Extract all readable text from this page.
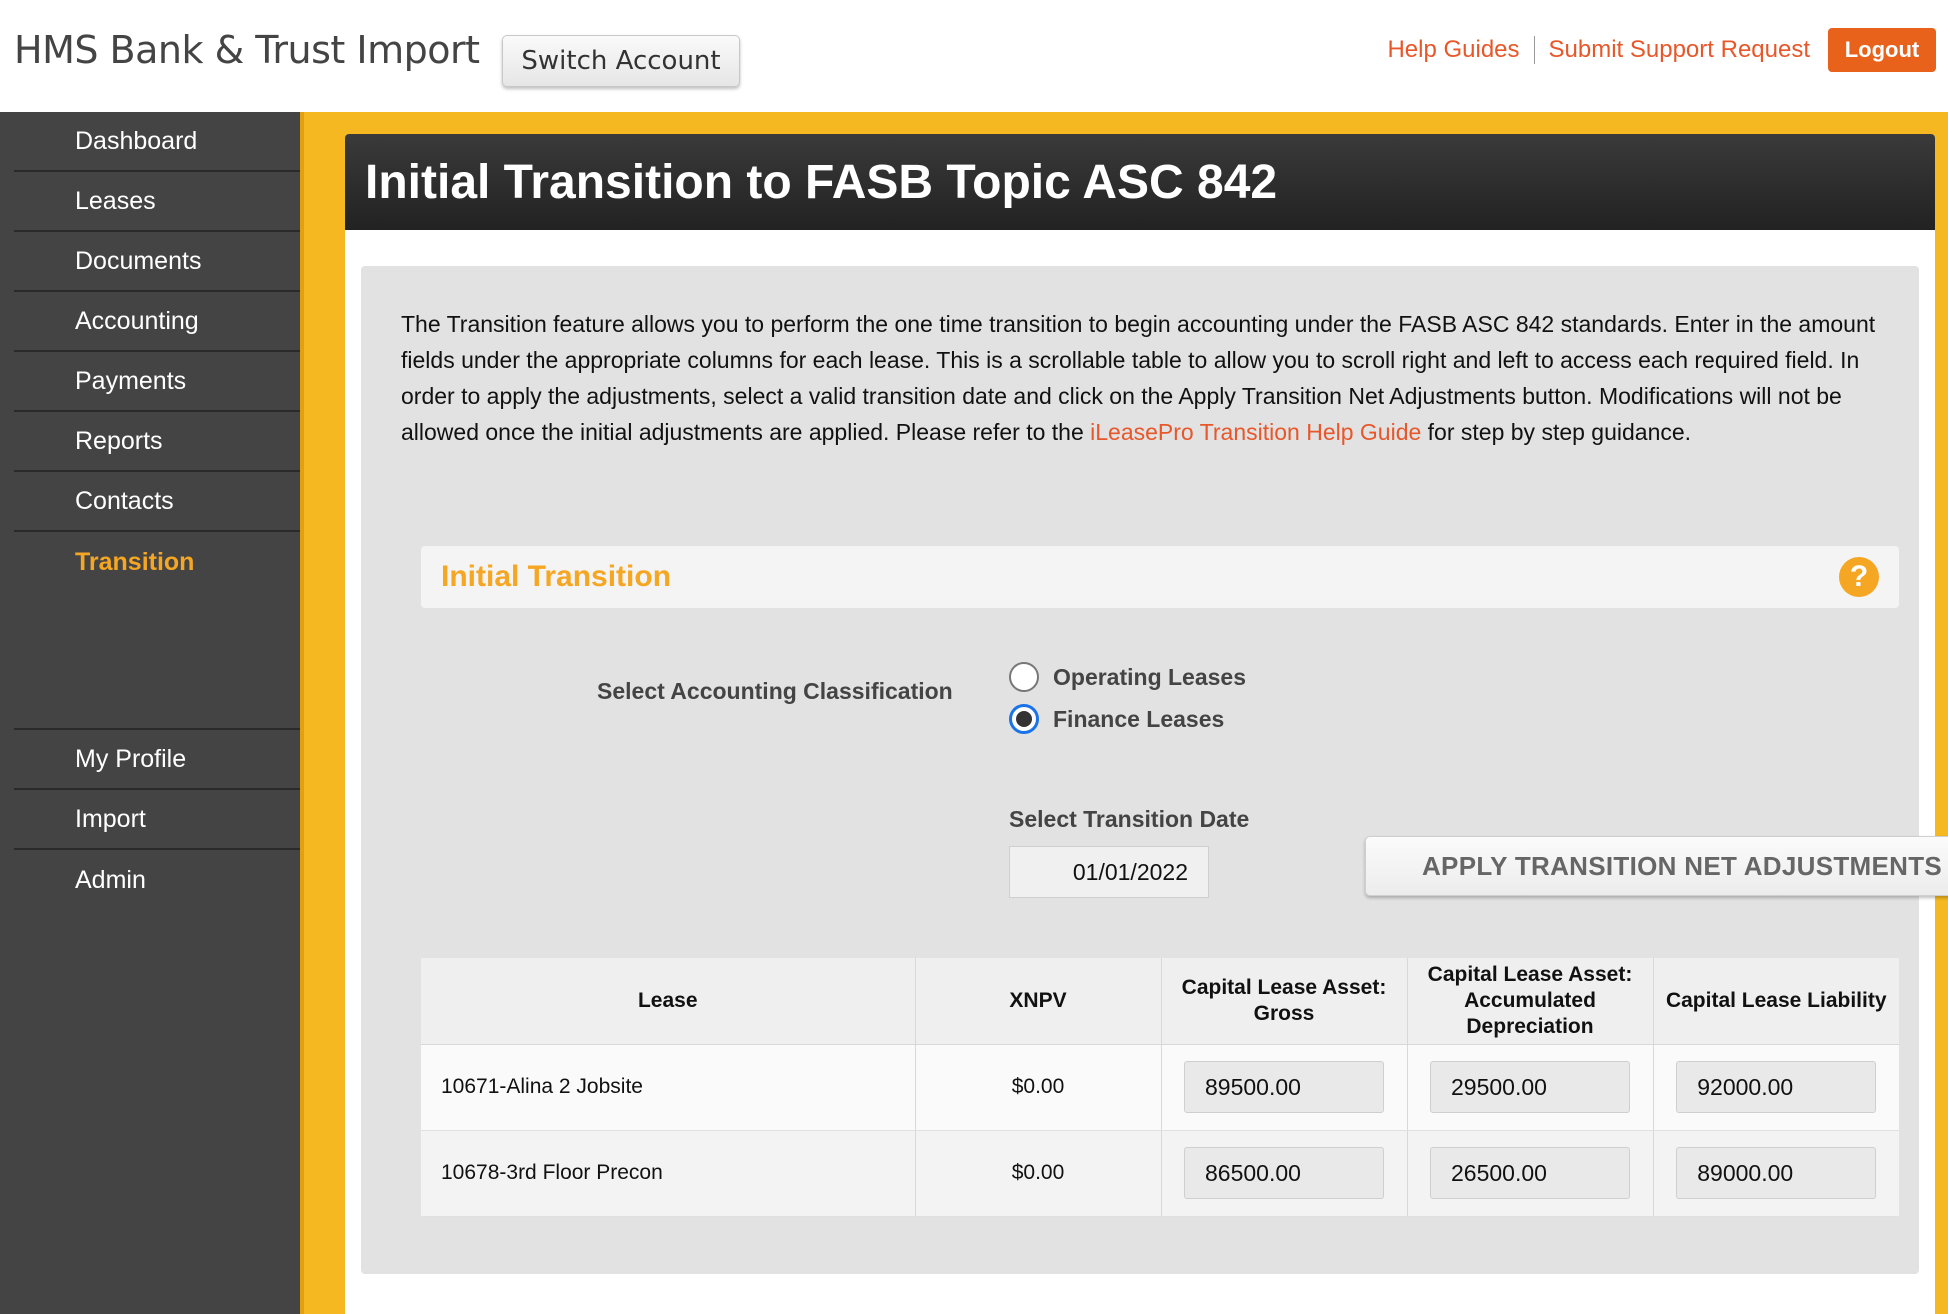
HMS Bank & Trust Import	Switch Account	Help Guides Submit Support Request	Logout
Dashboard
Leases
Documents
Accounting
Payments
Reports
Contacts
Transition
My Profile
Import
Admin
Initial Transition to FASB Topic ASC 842

The Transition feature allows you to perform the one time transition to begin accounting under the FASB ASC 842 standards. Enter in the amount fields under the appropriate columns for each lease. This is a scrollable table to allow you to scroll right and left to access each required field. In order to apply the adjustments, select a valid transition date and click on the Apply Transition Net Adjustments button. Modifications will not be allowed once the initial adjustments are applied. Please refer to the iLeasePro Transition Help Guide for step by step guidance.

Initial Transition	?
Select Accounting Classification
Operating Leases
Finance Leases
Select Transition Date
01/01/2022
APPLY TRANSITION NET ADJUSTMENTS
Lease	XNPV	Capital Lease Asset: Gross	Capital Lease Asset: Accumulated Depreciation	Capital Lease Liability
10671-Alina 2 Jobsite	$0.00	89500.00	29500.00	92000.00
10678-3rd Floor Precon	$0.00	86500.00	26500.00	89000.00
